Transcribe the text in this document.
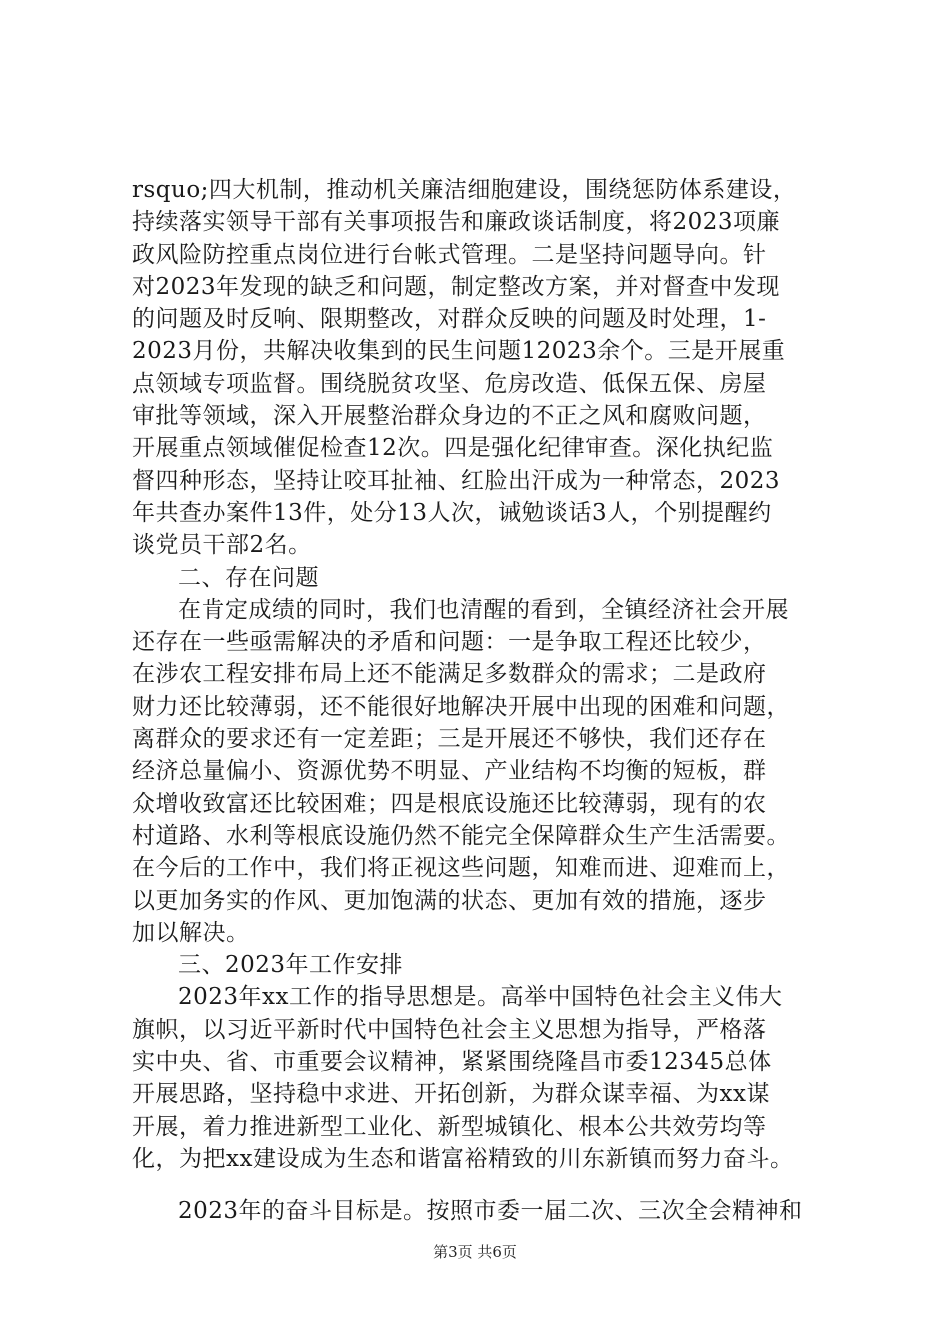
rsquo;四大机制，推动机关廉洁细胞建设，围绕惩防体系建设，
持续落实领导干部有关事项报告和廉政谈话制度，将2023项廉
政风险防控重点岗位进行台帐式管理。二是坚持问题导向。针
对2023年发现的缺乏和问题，制定整改方案，并对督查中发现
的问题及时反响、限期整改，对群众反映的问题及时处理，1-
2023月份，共解决收集到的民生问题12023余个。三是开展重
点领域专项监督。围绕脱贫攻坚、危房改造、低保五保、房屋
审批等领域，深入开展整治群众身边的不正之风和腐败问题，
开展重点领域催促检查12次。四是强化纪律审查。深化执纪监
督四种形态，坚持让咬耳扯袖、红脸出汗成为一种常态，2023
年共查办案件13件，处分13人次，诫勉谈话3人，个别提醒约
谈党员干部2名。
二、存在问题
在肯定成绩的同时，我们也清醒的看到，全镇经济社会开展
还存在一些亟需解决的矛盾和问题：一是争取工程还比较少，
在涉农工程安排布局上还不能满足多数群众的需求；二是政府
财力还比较薄弱，还不能很好地解决开展中出现的困难和问题，
离群众的要求还有一定差距；三是开展还不够快，我们还存在
经济总量偏小、资源优势不明显、产业结构不均衡的短板，群
众增收致富还比较困难；四是根底设施还比较薄弱，现有的农
村道路、水利等根底设施仍然不能完全保障群众生产生活需要。
在今后的工作中，我们将正视这些问题，知难而进、迎难而上，
以更加务实的作风、更加饱满的状态、更加有效的措施，逐步
加以解决。
三、2023年工作安排
2023年xx工作的指导思想是。高举中国特色社会主义伟大
旗帜，以习近平新时代中国特色社会主义思想为指导，严格落
实中央、省、市重要会议精神，紧紧围绕隆昌市委12345总体
开展思路，坚持稳中求进、开拓创新，为群众谋幸福、为xx谋
开展，着力推进新型工业化、新型城镇化、根本公共效劳均等
化，为把xx建设成为生态和谐富裕精致的川东新镇而努力奋斗。
2023年的奋斗目标是。按照市委一届二次、三次全会精神和
第3页 共6页
